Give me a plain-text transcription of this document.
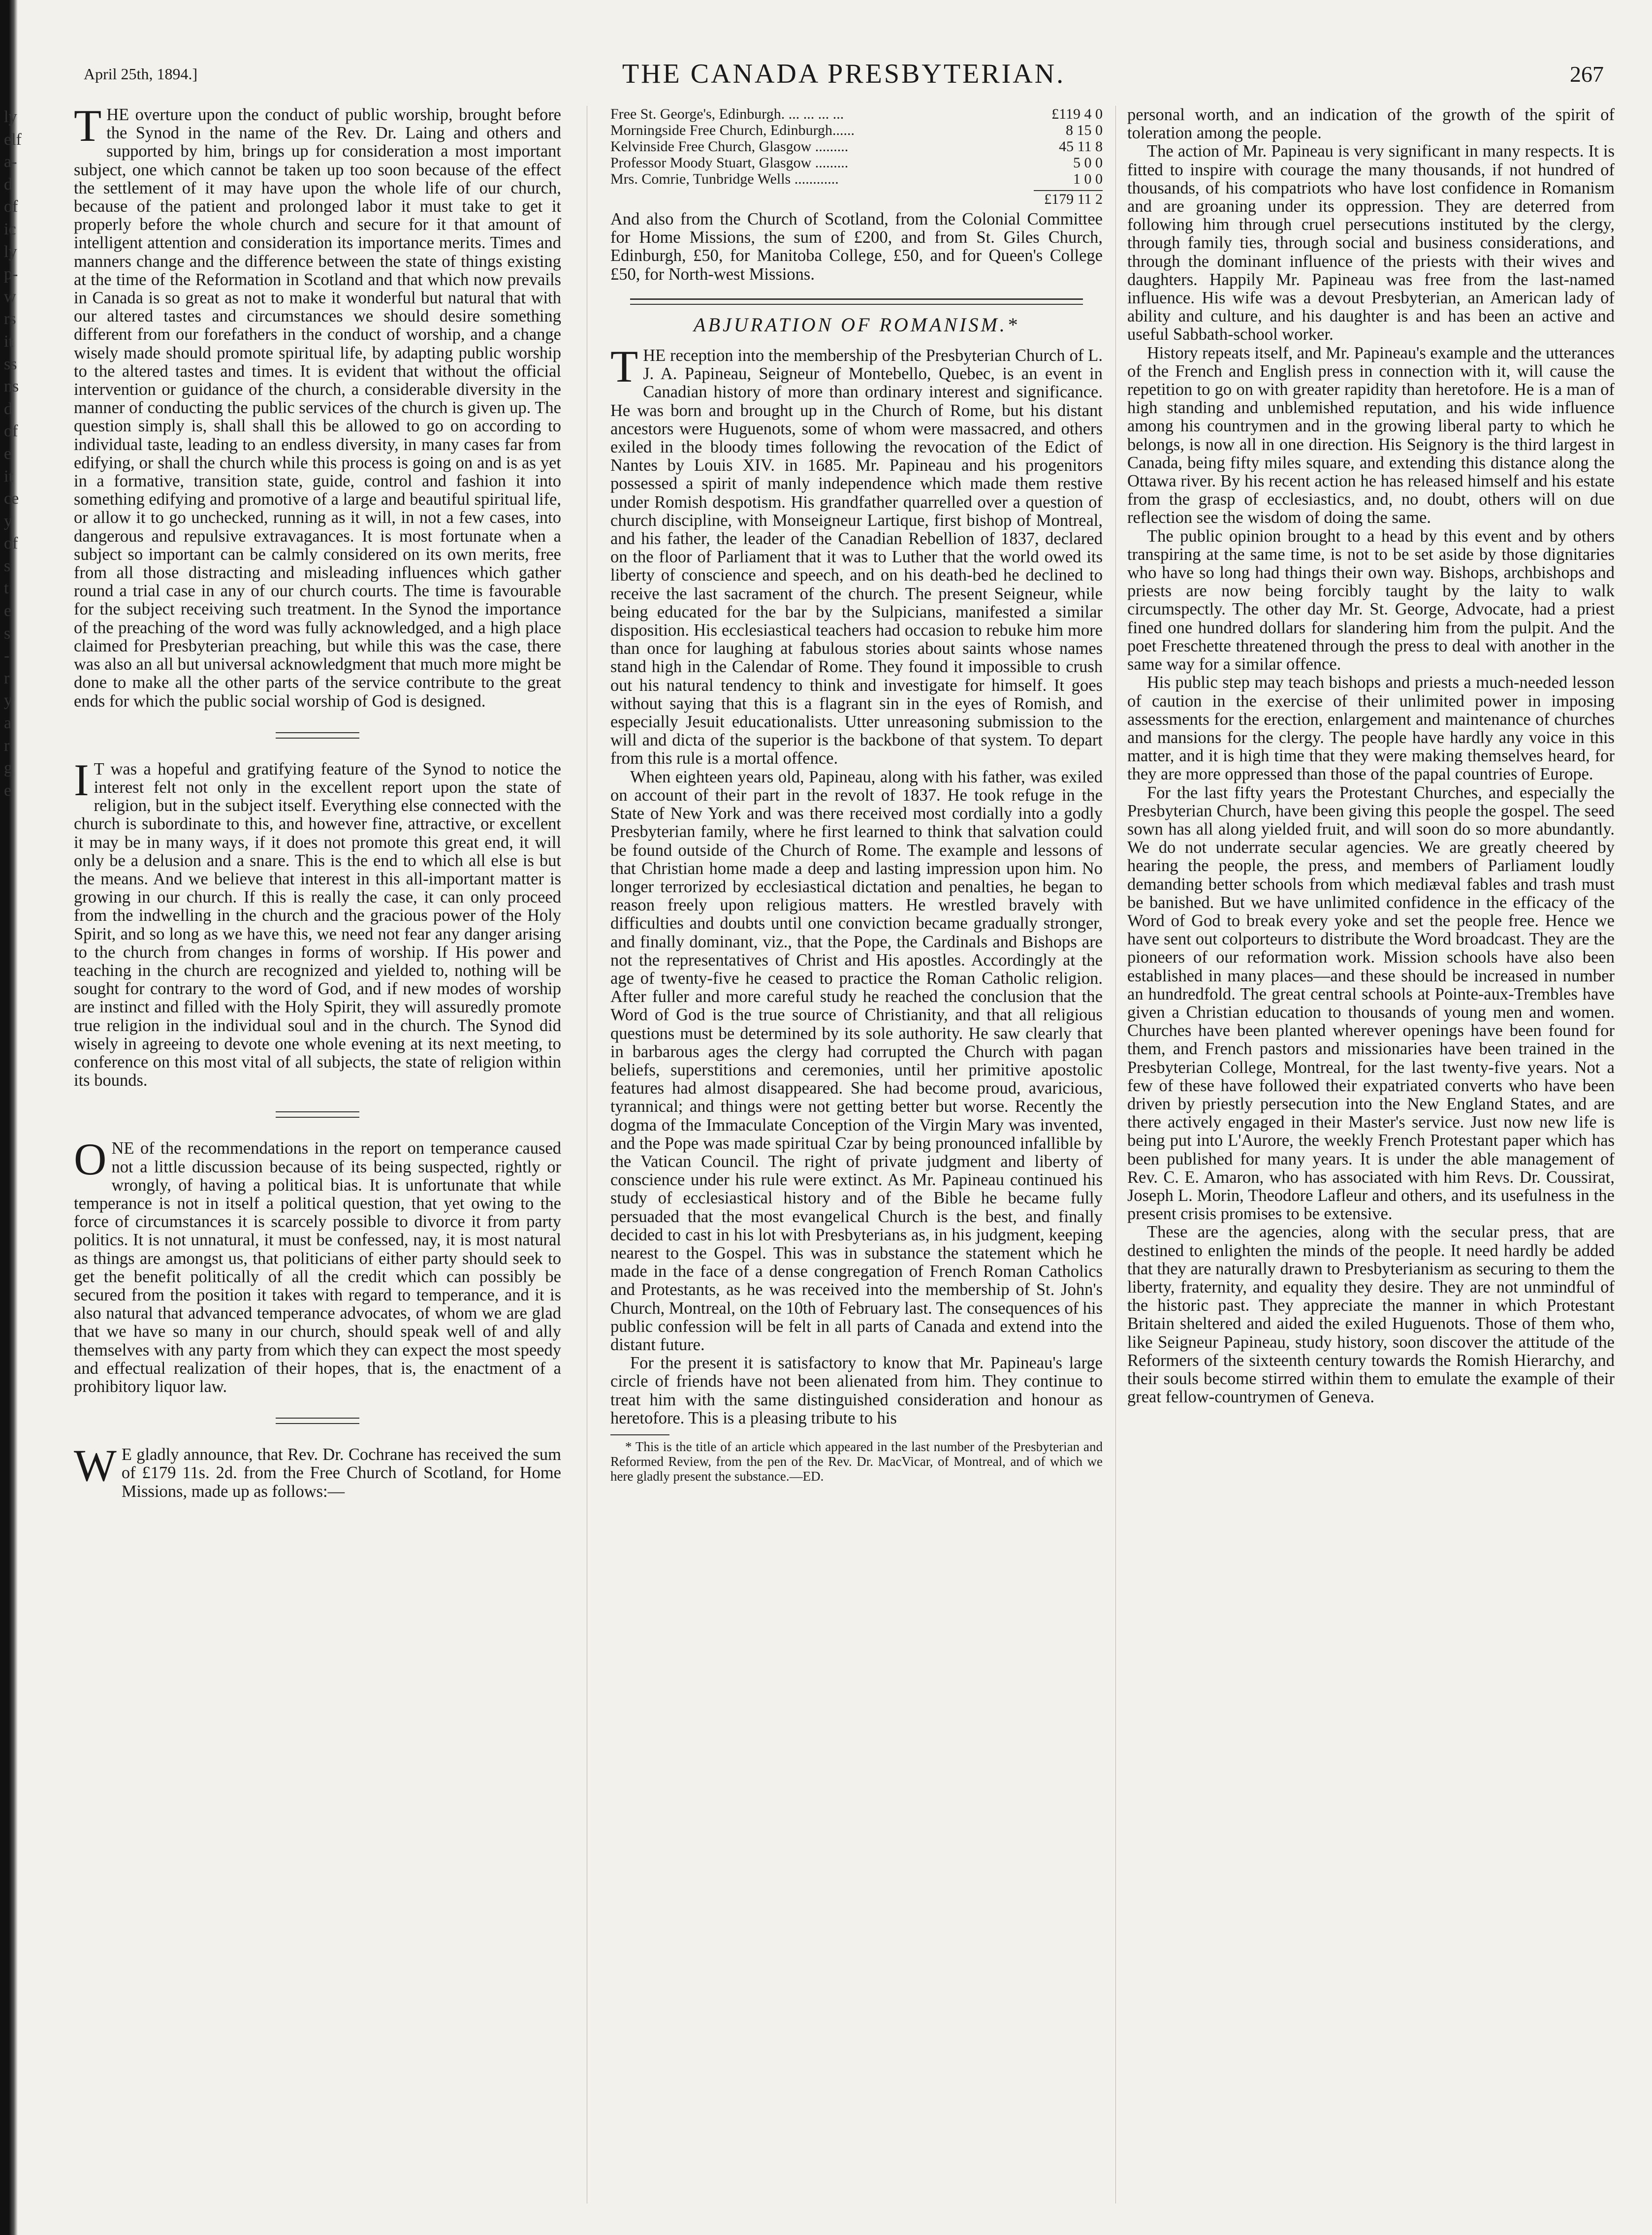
ly
elf
a-
d
of
ic
ly
p-
w
rs
it
ss
ns
d
of
e
it
ce
y
of
s
t
e
s
-
r
y
a
r
g
e
April 25th, 1894.]	THE CANADA PRESBYTERIAN.	267

THE overture upon the conduct of public worship, brought before the Synod in the name of the Rev. Dr. Laing and others and supported by him, brings up for consideration a most important subject, one which cannot be taken up too soon because of the effect the settlement of it may have upon the whole life of our church, because of the patient and prolonged labor it must take to get it properly before the whole church and secure for it that amount of intelligent attention and consideration its importance merits. Times and manners change and the difference between the state of things existing at the time of the Reformation in Scotland and that which now prevails in Canada is so great as not to make it wonderful but natural that with our altered tastes and circumstances we should desire something different from our forefathers in the conduct of worship, and a change wisely made should promote spiritual life, by adapting public worship to the altered tastes and times. It is evident that without the official intervention or guidance of the church, a considerable diversity in the manner of conducting the public services of the church is given up. The question simply is, shall shall this be allowed to go on according to individual taste, leading to an endless diversity, in many cases far from edifying, or shall the church while this process is going on and is as yet in a formative, transition state, guide, control and fashion it into something edifying and promotive of a large and beautiful spiritual life, or allow it to go unchecked, running as it will, in not a few cases, into dangerous and repulsive extravagances. It is most fortunate when a subject so important can be calmly considered on its own merits, free from all those distracting and misleading influences which gather round a trial case in any of our church courts. The time is favourable for the subject receiving such treatment. In the Synod the importance of the preaching of the word was fully acknowledged, and a high place claimed for Presbyterian preaching, but while this was the case, there was also an all but universal acknowledgment that much more might be done to make all the other parts of the service contribute to the great ends for which the public social worship of God is designed.

I T was a hopeful and gratifying feature of the Synod to notice the interest felt not only in the excellent report upon the state of religion, but in the subject itself. Everything else connected with the church is subordinate to this, and however fine, attractive, or excellent it may be in many ways, if it does not promote this great end, it will only be a delusion and a snare. This is the end to which all else is but the means. And we believe that interest in this all-important matter is growing in our church. If this is really the case, it can only proceed from the indwelling in the church and the gracious power of the Holy Spirit, and so long as we have this, we need not fear any danger arising to the church from changes in forms of worship. If His power and teaching in the church are recognized and yielded to, nothing will be sought for contrary to the word of God, and if new modes of worship are instinct and filled with the Holy Spirit, they will assuredly promote true religion in the individual soul and in the church. The Synod did wisely in agreeing to devote one whole evening at its next meeting, to conference on this most vital of all subjects, the state of religion within its bounds.

ONE of the recommendations in the report on temperance caused not a little discussion because of its being suspected, rightly or wrongly, of having a political bias. It is unfortunate that while temperance is not in itself a political question, that yet owing to the force of circumstances it is scarcely possible to divorce it from party politics. It is not unnatural, it must be confessed, nay, it is most natural as things are amongst us, that politicians of either party should seek to get the benefit politically of all the credit which can possibly be secured from the position it takes with regard to temperance, and it is also natural that advanced temperance advocates, of whom we are glad that we have so many in our church, should speak well of and ally themselves with any party from which they can expect the most speedy and effectual realization of their hopes, that is, the enactment of a prohibitory liquor law.

W E gladly announce, that Rev. Dr. Cochrane has received the sum of £179 11s. 2d. from the Free Church of Scotland, for Home Missions, made up as follows:—

Free St. George's, Edinburgh. ... ... ... ...	£119 4 0
Morningside Free Church, Edinburgh......	8 15 0
Kelvinside Free Church, Glasgow .........	45 11 8
Professor Moody Stuart, Glasgow .........	5 0 0
Mrs. Comrie, Tunbridge Wells ............	1 0 0
£179 11 2

And also from the Church of Scotland, from the Colonial Committee for Home Missions, the sum of £200, and from St. Giles Church, Edinburgh, £50, for Manitoba College, £50, and for Queen's College £50, for North-west Missions.

ABJURATION OF ROMANISM.*

THE reception into the membership of the Presbyterian Church of L. J. A. Papineau, Seigneur of Montebello, Quebec, is an event in Canadian history of more than ordinary interest and significance. He was born and brought up in the Church of Rome, but his distant ancestors were Huguenots, some of whom were massacred, and others exiled in the bloody times following the revocation of the Edict of Nantes by Louis XIV. in 1685. Mr. Papineau and his progenitors possessed a spirit of manly independence which made them restive under Romish despotism. His grandfather quarrelled over a question of church discipline, with Monseigneur Lartique, first bishop of Montreal, and his father, the leader of the Canadian Rebellion of 1837, declared on the floor of Parliament that it was to Luther that the world owed its liberty of conscience and speech, and on his death-bed he declined to receive the last sacrament of the church. The present Seigneur, while being educated for the bar by the Sulpicians, manifested a similar disposition. His ecclesiastical teachers had occasion to rebuke him more than once for laughing at fabulous stories about saints whose names stand high in the Calendar of Rome. They found it impossible to crush out his natural tendency to think and investigate for himself. It goes without saying that this is a flagrant sin in the eyes of Romish, and especially Jesuit educationalists. Utter unreasoning submission to the will and dicta of the superior is the backbone of that system. To depart from this rule is a mortal offence.

When eighteen years old, Papineau, along with his father, was exiled on account of their part in the revolt of 1837. He took refuge in the State of New York and was there received most cordially into a godly Presbyterian family, where he first learned to think that salvation could be found outside of the Church of Rome. The example and lessons of that Christian home made a deep and lasting impression upon him. No longer terrorized by ecclesiastical dictation and penalties, he began to reason freely upon religious matters. He wrestled bravely with difficulties and doubts until one conviction became gradually stronger, and finally dominant, viz., that the Pope, the Cardinals and Bishops are not the representatives of Christ and His apostles. Accordingly at the age of twenty-five he ceased to practice the Roman Catholic religion. After fuller and more careful study he reached the conclusion that the Word of God is the true source of Christianity, and that all religious questions must be determined by its sole authority. He saw clearly that in barbarous ages the clergy had corrupted the Church with pagan beliefs, superstitions and ceremonies, until her primitive apostolic features had almost disappeared. She had become proud, avaricious, tyrannical; and things were not getting better but worse. Recently the dogma of the Immaculate Conception of the Virgin Mary was invented, and the Pope was made spiritual Czar by being pronounced infallible by the Vatican Council. The right of private judgment and liberty of conscience under his rule were extinct. As Mr. Papineau continued his study of ecclesiastical history and of the Bible he became fully persuaded that the most evangelical Church is the best, and finally decided to cast in his lot with Presbyterians as, in his judgment, keeping nearest to the Gospel. This was in substance the statement which he made in the face of a dense congregation of French Roman Catholics and Protestants, as he was received into the membership of St. John's Church, Montreal, on the 10th of February last. The consequences of his public confession will be felt in all parts of Canada and extend into the distant future.

For the present it is satisfactory to know that Mr. Papineau's large circle of friends have not been alienated from him. They continue to treat him with the same distinguished consideration and honour as heretofore. This is a pleasing tribute to his

* This is the title of an article which appeared in the last number of the Presbyterian and Reformed Review, from the pen of the Rev. Dr. MacVicar, of Montreal, and of which we here gladly present the substance.—ED.

personal worth, and an indication of the growth of the spirit of toleration among the people.

The action of Mr. Papineau is very significant in many respects. It is fitted to inspire with courage the many thousands, if not hundred of thousands, of his compatriots who have lost confidence in Romanism and are groaning under its oppression. They are deterred from following him through cruel persecutions instituted by the clergy, through family ties, through social and business considerations, and through the dominant influence of the priests with their wives and daughters. Happily Mr. Papineau was free from the last-named influence. His wife was a devout Presbyterian, an American lady of ability and culture, and his daughter is and has been an active and useful Sabbath-school worker.

History repeats itself, and Mr. Papineau's example and the utterances of the French and English press in connection with it, will cause the repetition to go on with greater rapidity than heretofore. He is a man of high standing and unblemished reputation, and his wide influence among his countrymen and in the growing liberal party to which he belongs, is now all in one direction. His Seignory is the third largest in Canada, being fifty miles square, and extending this distance along the Ottawa river. By his recent action he has released himself and his estate from the grasp of ecclesiastics, and, no doubt, others will on due reflection see the wisdom of doing the same.

The public opinion brought to a head by this event and by others transpiring at the same time, is not to be set aside by those dignitaries who have so long had things their own way. Bishops, archbishops and priests are now being forcibly taught by the laity to walk circumspectly. The other day Mr. St. George, Advocate, had a priest fined one hundred dollars for slandering him from the pulpit. And the poet Freschette threatened through the press to deal with another in the same way for a similar offence.

His public step may teach bishops and priests a much-needed lesson of caution in the exercise of their unlimited power in imposing assessments for the erection, enlargement and maintenance of churches and mansions for the clergy. The people have hardly any voice in this matter, and it is high time that they were making themselves heard, for they are more oppressed than those of the papal countries of Europe.

For the last fifty years the Protestant Churches, and especially the Presbyterian Church, have been giving this people the gospel. The seed sown has all along yielded fruit, and will soon do so more abundantly. We do not underrate secular agencies. We are greatly cheered by hearing the people, the press, and members of Parliament loudly demanding better schools from which mediæval fables and trash must be banished. But we have unlimited confidence in the efficacy of the Word of God to break every yoke and set the people free. Hence we have sent out colporteurs to distribute the Word broadcast. They are the pioneers of our reformation work. Mission schools have also been established in many places—and these should be increased in number an hundredfold. The great central schools at Pointe-aux-Trembles have given a Christian education to thousands of young men and women. Churches have been planted wherever openings have been found for them, and French pastors and missionaries have been trained in the Presbyterian College, Montreal, for the last twenty-five years. Not a few of these have followed their expatriated converts who have been driven by priestly persecution into the New England States, and are there actively engaged in their Master's service. Just now new life is being put into L'Aurore, the weekly French Protestant paper which has been published for many years. It is under the able management of Rev. C. E. Amaron, who has associated with him Revs. Dr. Coussirat, Joseph L. Morin, Theodore Lafleur and others, and its usefulness in the present crisis promises to be extensive.

These are the agencies, along with the secular press, that are destined to enlighten the minds of the people. It need hardly be added that they are naturally drawn to Presbyterianism as securing to them the liberty, fraternity, and equality they desire. They are not unmindful of the historic past. They appreciate the manner in which Protestant Britain sheltered and aided the exiled Huguenots. Those of them who, like Seigneur Papineau, study history, soon discover the attitude of the Reformers of the sixteenth century towards the Romish Hierarchy, and their souls become stirred within them to emulate the example of their great fellow-countrymen of Geneva.
